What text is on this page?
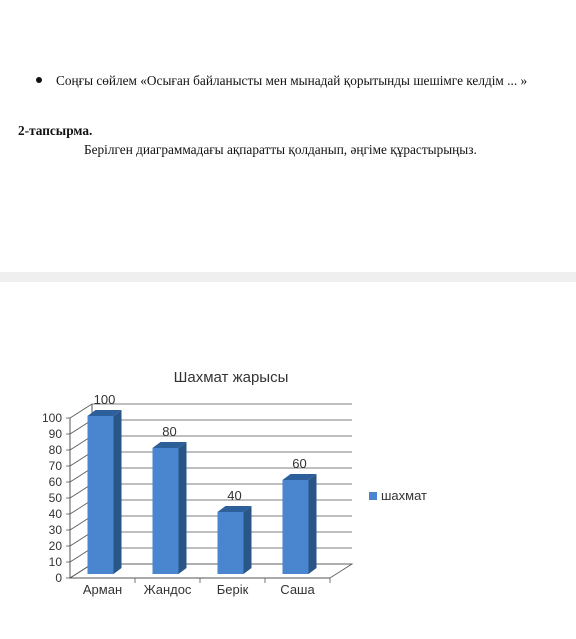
Соңғы сөйлем «Осыған байланысты мен мынадай қорытынды шешімге келдім ... »
2-тапсырма.
Берілген диаграммадағы ақпаратты қолданып, әңгіме құрастырыңыз.
Шахмат жарысы
0
10
20
30
40
50
60
70
80
90
100
100
Арман
80
Жандос
40
Берік
60
Саша
шахмат
